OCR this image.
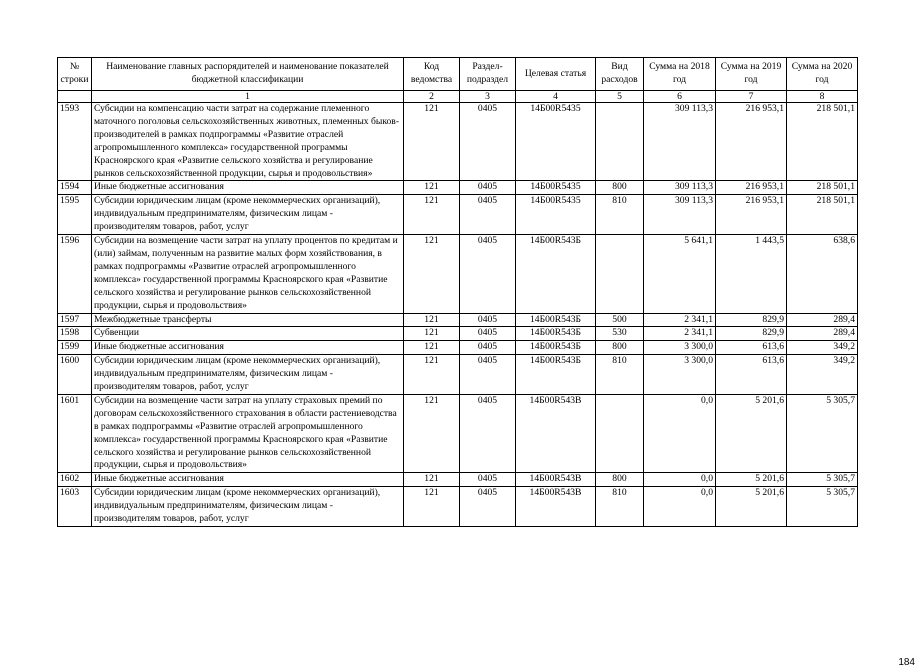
№ строки	Наименование главных распорядителей и наименование показателей бюджетной классификации	Код ведомства	Раздел-подраздел	Целевая статья	Вид расходов	Сумма на 2018 год	Сумма на 2019 год	Сумма на 2020 год
	1	2	3	4	5	6	7	8
1593	Субсидии на компенсацию части затрат на содержание племенного маточного поголовья сельскохозяйственных животных, племенных быков-производителей в рамках подпрограммы «Развитие отраслей агропромышленного комплекса» государственной программы Красноярского края «Развитие сельского хозяйства и регулирование рынков сельскохозяйственной продукции, сырья и продовольствия»	121	0405	14Б00R5435		309 113,3	216 953,1	218 501,1
1594	Иные бюджетные ассигнования	121	0405	14Б00R5435	800	309 113,3	216 953,1	218 501,1
1595	Субсидии юридическим лицам (кроме некоммерческих организаций), индивидуальным предпринимателям, физическим лицам - производителям товаров, работ, услуг	121	0405	14Б00R5435	810	309 113,3	216 953,1	218 501,1
1596	Субсидии на возмещение части затрат на уплату процентов по кредитам и (или) займам, полученным на развитие малых форм хозяйствования, в рамках подпрограммы «Развитие отраслей агропромышленного комплекса» государственной программы Красноярского края «Развитие сельского хозяйства и регулирование рынков сельскохозяйственной продукции, сырья и продовольствия»	121	0405	14Б00R543Б		5 641,1	1 443,5	638,6
1597	Межбюджетные трансферты	121	0405	14Б00R543Б	500	2 341,1	829,9	289,4
1598	Субвенции	121	0405	14Б00R543Б	530	2 341,1	829,9	289,4
1599	Иные бюджетные ассигнования	121	0405	14Б00R543Б	800	3 300,0	613,6	349,2
1600	Субсидии юридическим лицам (кроме некоммерческих организаций), индивидуальным предпринимателям, физическим лицам - производителям товаров, работ, услуг	121	0405	14Б00R543Б	810	3 300,0	613,6	349,2
1601	Субсидии на возмещение части затрат на уплату страховых премий по договорам сельскохозяйственного страхования в области растениеводства в рамках подпрограммы «Развитие отраслей агропромышленного комплекса» государственной программы Красноярского края «Развитие сельского хозяйства и регулирование рынков сельскохозяйственной продукции, сырья и продовольствия»	121	0405	14Б00R543В		0,0	5 201,6	5 305,7
1602	Иные бюджетные ассигнования	121	0405	14Б00R543В	800	0,0	5 201,6	5 305,7
1603	Субсидии юридическим лицам (кроме некоммерческих организаций), индивидуальным предпринимателям, физическим лицам - производителям товаров, работ, услуг	121	0405	14Б00R543В	810	0,0	5 201,6	5 305,7
184
